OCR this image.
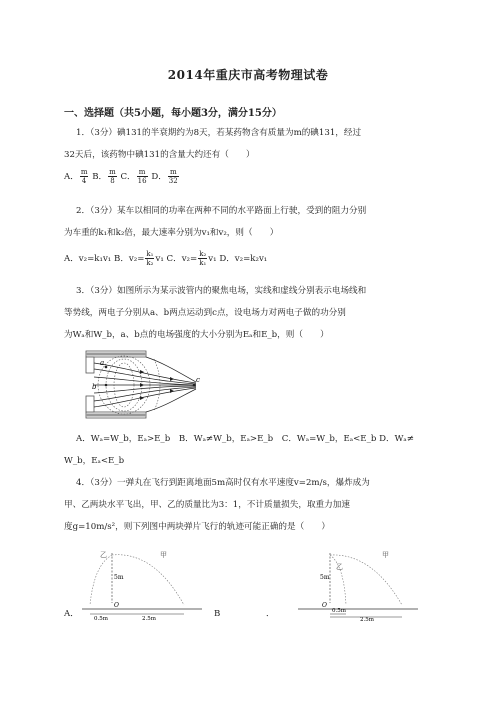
2014年重庆市高考物理试卷
一、选择题（共5小题，每小题3分，满分15分）
1．（3分）碘131的半衰期约为8天，若某药物含有质量为m的碘131，经过
32天后，该药物中碘131的含量大约还有（　　）
A． $\frac{m}{4}$ B． $\frac{m}{8}$ C． $\frac{m}{16}$ D． $\frac{m}{32}$
2．（3分）某车以相同的功率在两种不同的水平路面上行驶，受到的阻力分别
为车重的k₁和k₂倍，最大速率分别为v₁和v₂，则（　　）
A．v₂=k₁v₁ B．$v_2= \frac{\text{k₁}}{\text{k₂}} v_1$ C．$v_2= \frac{\text{k₂}}{\text{k₁}} v_1$ D．v₂=k₂v₁
3．（3分）如图所示为某示波管内的聚焦电场，实线和虚线分别表示电场线和
等势线，两电子分别从a、b两点运动到c点，设电场力对两电子做的功分别
为Wₐ和W_b，a、b点的电场强度的大小分别为Eₐ和E_b，则（　　）
a
b
c
A．Wₐ=W_b，Eₐ>E_b　B．Wₐ≠W_b，Eₐ>E_b　C．Wₐ=W_b，Eₐ<E_b D．Wₐ≠
W_b，Eₐ<E_b
4．（3分）一弹丸在飞行到距离地面5m高时仅有水平速度v=2m/s，爆炸成为
甲、乙两块水平飞出，甲、乙的质量比为3：1，不计质量损失，取重力加速
度g=10m/s²，则下列图中两块弹片飞行的轨迹可能正确的是（　　）
乙	甲
5m
O
0.5m	2.5m
乙
甲
5m
O
0.5m
2.5m
A．	B	．
